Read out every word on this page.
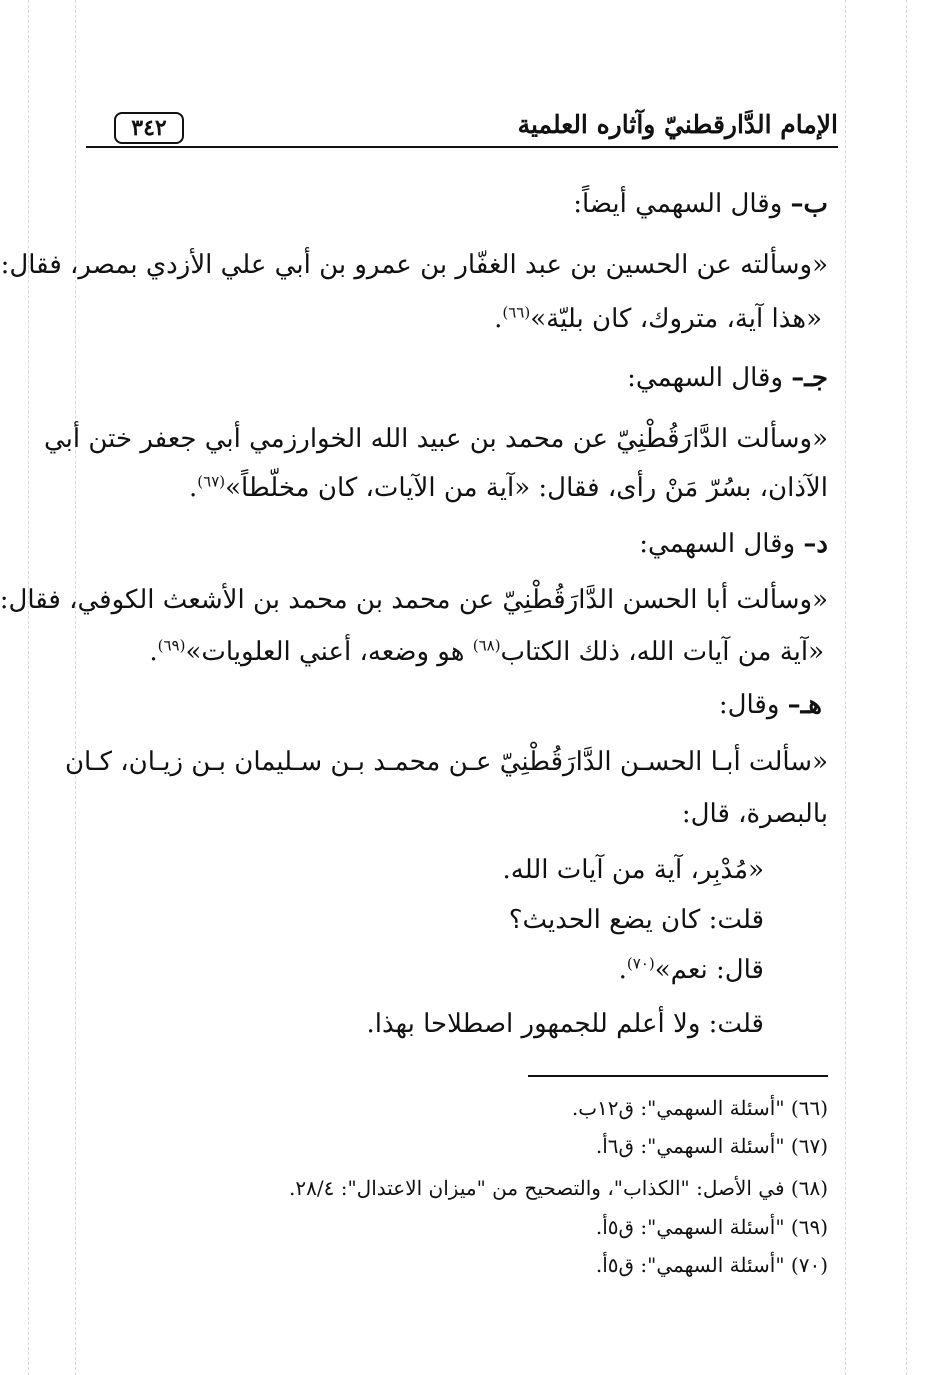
الإمام الدَّارقطنيّ وآثاره العلمية
٣٤٢
ب– وقال السهمي أيضاً:
«وسألته عن الحسين بن عبد الغفّار بن عمرو بن أبي علي الأزدي بمصر، فقال:
«هذا آية، متروك، كان بليّة»$^{(٦٦)}$.
جـ– وقال السهمي:
«وسألت الدَّارَقُطْنِيّ عن محمد بن عبيد الله الخوارزمي أبي جعفر ختن أبي
الآذان، بسُرّ مَنْ رأى، فقال: «آية من الآيات، كان مخلّطاً»$^{(٦٧)}$.
د– وقال السهمي:
«وسألت أبا الحسن الدَّارَقُطْنِيّ عن محمد بن محمد بن الأشعث الكوفي، فقال:
«آية من آيات الله، ذلك الكتاب$^{(٦٨)}$ هو وضعه، أعني العلويات»$^{(٦٩)}$.
هـ– وقال:
«سألت أبـا الحسـن الدَّارَقُطْنِيّ عـن محمـد بـن سـليمان بـن زيـان، كـان
بالبصرة، قال:
«مُدْبِر، آية من آيات الله.
قلت: كان يضع الحديث؟
قال: نعم»$^{(٧٠)}$.
قلت: ولا أعلم للجمهور اصطلاحا بهذا.
(٦٦) "أسئلة السهمي": ق١٢ب.
(٦٧) "أسئلة السهمي": ق٦أ.
(٦٨) في الأصل: "الكذاب"، والتصحيح من "ميزان الاعتدال": ٢٨/٤.
(٦٩) "أسئلة السهمي": ق٥أ.
(٧٠) "أسئلة السهمي": ق٥أ.
